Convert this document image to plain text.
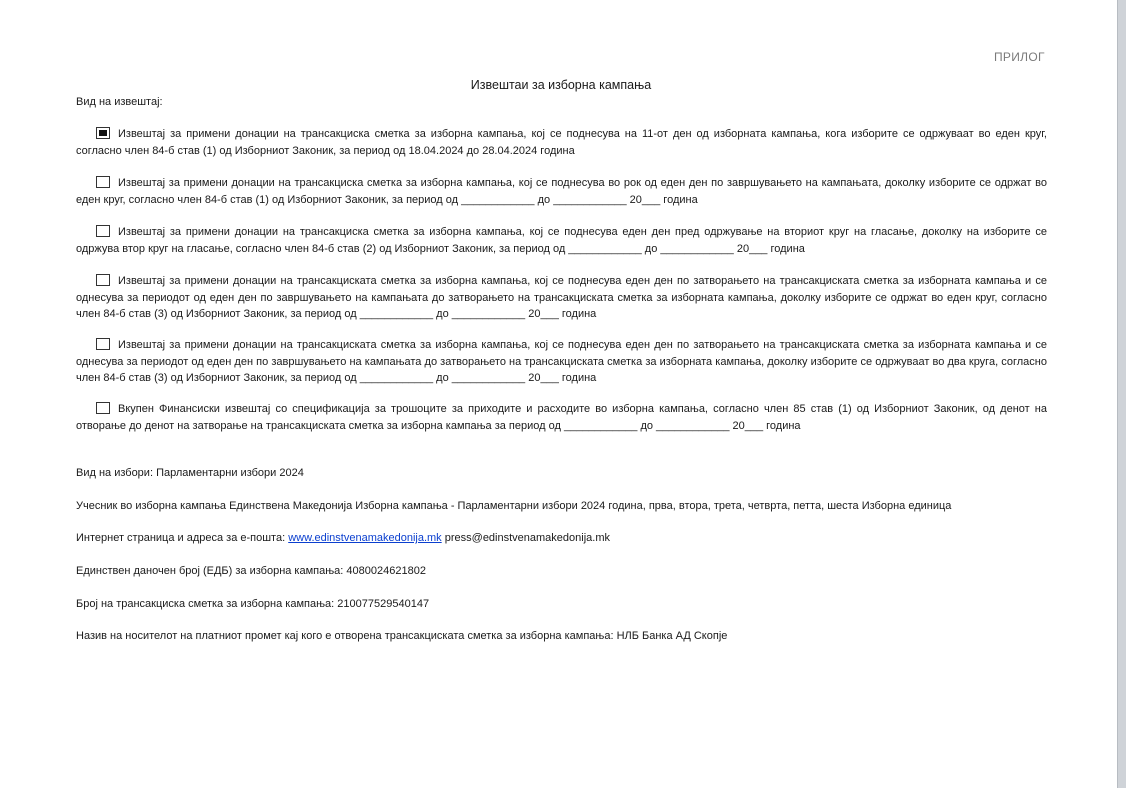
ПРИЛОГ
Извештаи за изборна кампања
Вид на извештај:
Извештај за примени донации на трансакциска сметка за изборна кампања, кој се поднесува на 11-от ден од изборната кампања, кога изборите се одржуваат во еден круг, согласно член 84-б став (1) од Изборниот Законик, за период од 18.04.2024 до 28.04.2024 година
Извештај за примени донации на трансакциска сметка за изборна кампања, кој се поднесува во рок од еден ден по завршувањето на кампањата, доколку изборите се одржат во еден круг, согласно член 84-б став (1) од Изборниот Законик, за период од ____________ до ____________ 20___ година
Извештај за примени донации на трансакциска сметка за изборна кампања, кој се поднесува еден ден пред одржување на вториот круг на гласање, доколку на изборите се одржува втор круг на гласање, согласно член 84-б став (2) од Изборниот Законик, за период од ____________ до ____________ 20___ година
Извештај за примени донации на трансакциската сметка за изборна кампања, кој се поднесува еден ден по затворањето на трансакциската сметка за изборната кампања и се однесува за периодот од еден ден по завршувањето на кампањата до затворањето на трансакциската сметка за изборната кампања, доколку изборите се одржат во еден круг, согласно член 84-б став (3) од Изборниот Законик, за период од ____________ до ____________ 20___ година
Извештај за примени донации на трансакциската сметка за изборна кампања, кој се поднесува еден ден по затворањето на трансакциската сметка за изборната кампања и се однесува за периодот од еден ден по завршувањето на кампањата до затворањето на трансакциската сметка за изборната кампања, доколку изборите се одржуваат во два круга, согласно член 84-б став (3) од Изборниот Законик, за период од ____________ до ____________ 20___ година
Вкупен Финансиски извештај со спецификација за трошоците за приходите и расходите во изборна кампања, согласно член 85 став (1) од Изборниот Законик, од денот на отворање до денот на затворање на трансакциската сметка за изборна кампања за период од ____________ до ____________ 20___ година
Вид на избори: Парламентарни избори 2024
Учесник во изборна кампања Единствена Македонија Изборна кампања - Парламентарни избори 2024 година, прва, втора, трета, четврта, петта, шеста Изборна единица
Интернет страница и адреса за е-пошта: www.edinstvenamakedonija.mk press@edinstvenamakedonija.mk
Единствен даночен број (ЕДБ) за изборна кампања: 4080024621802
Број на трансакциска сметка за изборна кампања: 210077529540147
Назив на носителот на платниот промет кај кого е отворена трансакциската сметка за изборна кампања: НЛБ Банка АД Скопје
